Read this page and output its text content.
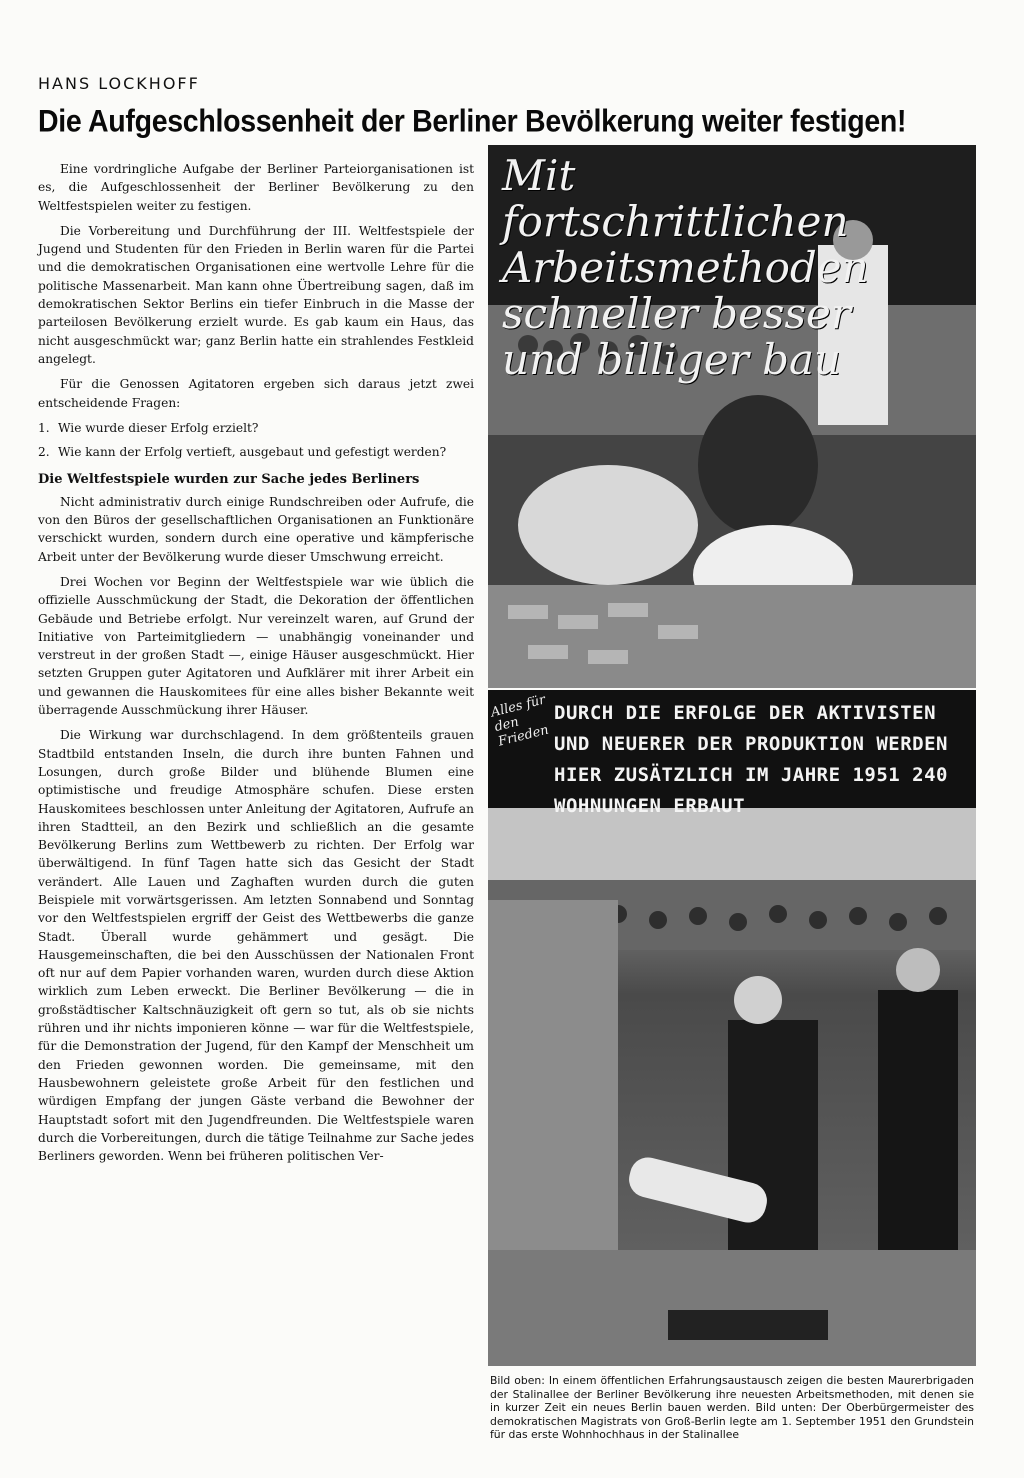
HANS LOCKHOFF
Die Aufgeschlossenheit der Berliner Bevölkerung weiter festigen!

Eine vordringliche Aufgabe der Berliner Parteiorganisationen ist es, die Aufgeschlossenheit der Berliner Bevölkerung zu den Weltfestspielen weiter zu festigen.

Die Vorbereitung und Durchführung der III. Weltfestspiele der Jugend und Studenten für den Frieden in Berlin waren für die Partei und die demokratischen Organisationen eine wertvolle Lehre für die politische Massenarbeit. Man kann ohne Übertreibung sagen, daß im demokratischen Sektor Berlins ein tiefer Einbruch in die Masse der parteilosen Bevölkerung erzielt wurde. Es gab kaum ein Haus, das nicht ausgeschmückt war; ganz Berlin hatte ein strahlendes Festkleid angelegt.

Für die Genossen Agitatoren ergeben sich daraus jetzt zwei entscheidende Fragen:

1. Wie wurde dieser Erfolg erzielt?

2. Wie kann der Erfolg vertieft, ausgebaut und gefestigt werden?

Die Weltfestspiele wurden zur Sache jedes Berliners

Nicht administrativ durch einige Rundschreiben oder Aufrufe, die von den Büros der gesellschaftlichen Organisationen an Funktionäre verschickt wurden, sondern durch eine operative und kämpferische Arbeit unter der Bevölkerung wurde dieser Umschwung erreicht.

Drei Wochen vor Beginn der Weltfestspiele war wie üblich die offizielle Ausschmückung der Stadt, die Dekoration der öffentlichen Gebäude und Betriebe erfolgt. Nur vereinzelt waren, auf Grund der Initiative von Parteimitgliedern — unabhängig voneinander und verstreut in der großen Stadt —, einige Häuser ausgeschmückt. Hier setzten Gruppen guter Agitatoren und Aufklärer mit ihrer Arbeit ein und gewannen die Hauskomitees für eine alles bisher Bekannte weit überragende Ausschmückung ihrer Häuser.

Die Wirkung war durchschlagend. In dem größtenteils grauen Stadtbild entstanden Inseln, die durch ihre bunten Fahnen und Losungen, durch große Bilder und blühende Blumen eine optimistische und freudige Atmosphäre schufen. Diese ersten Hauskomitees beschlossen unter Anleitung der Agitatoren, Aufrufe an ihren Stadtteil, an den Bezirk und schließlich an die gesamte Bevölkerung Berlins zum Wettbewerb zu richten. Der Erfolg war überwältigend. In fünf Tagen hatte sich das Gesicht der Stadt verändert. Alle Lauen und Zaghaften wurden durch die guten Beispiele mit vorwärtsgerissen. Am letzten Sonnabend und Sonntag vor den Weltfestspielen ergriff der Geist des Wettbewerbs die ganze Stadt. Überall wurde gehämmert und gesägt. Die Hausgemeinschaften, die bei den Ausschüssen der Nationalen Front oft nur auf dem Papier vorhanden waren, wurden durch diese Aktion wirklich zum Leben erweckt. Die Berliner Bevölkerung — die in großstädtischer Kaltschnäuzigkeit oft gern so tut, als ob sie nichts rühren und ihr nichts imponieren könne — war für die Weltfestspiele, für die Demonstration der Jugend, für den Kampf der Menschheit um den Frieden gewonnen worden. Die gemeinsame, mit den Hausbewohnern geleistete große Arbeit für den festlichen und würdigen Empfang der jungen Gäste verband die Bewohner der Hauptstadt sofort mit den Jugendfreunden. Die Weltfestspiele waren durch die Vorbereitungen, durch die tätige Teilnahme zur Sache jedes Berliners geworden. Wenn bei früheren politischen Ver-

Mit fortschrittlichen Arbeitsmethoden schneller besser und billiger bau
Alles für den Frieden
DURCH DIE ERFOLGE DER AKTIVISTEN UND NEUERER DER PRODUKTION WERDEN HIER ZUSÄTZLICH IM JAHRE 1951 240 WOHNUNGEN ERBAUT
Bild oben: In einem öffentlichen Erfahrungsaustausch zeigen die besten Maurerbrigaden der Stalinallee der Berliner Bevölkerung ihre neuesten Arbeitsmethoden, mit denen sie in kurzer Zeit ein neues Berlin bauen werden. Bild unten: Der Oberbürgermeister des demokratischen Magistrats von Groß-Berlin legte am 1. September 1951 den Grundstein für das erste Wohnhochhaus in der Stalinallee
